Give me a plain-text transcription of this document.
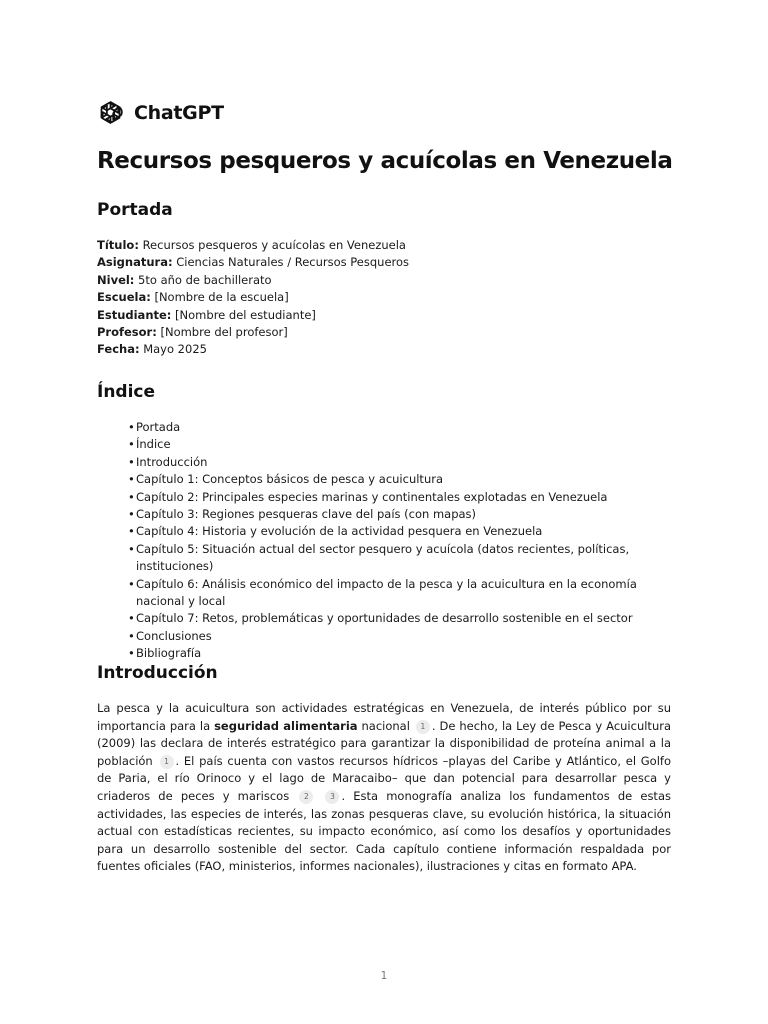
ChatGPT
Recursos pesqueros y acuícolas en Venezuela
Portada
Título: Recursos pesqueros y acuícolas en Venezuela
Asignatura: Ciencias Naturales / Recursos Pesqueros
Nivel: 5to año de bachillerato
Escuela: [Nombre de la escuela]
Estudiante: [Nombre del estudiante]
Profesor: [Nombre del profesor]
Fecha: Mayo 2025
Índice
• Portada
• Índice
• Introducción
• Capítulo 1: Conceptos básicos de pesca y acuicultura
• Capítulo 2: Principales especies marinas y continentales explotadas en Venezuela
• Capítulo 3: Regiones pesqueras clave del país (con mapas)
• Capítulo 4: Historia y evolución de la actividad pesquera en Venezuela
• Capítulo 5: Situación actual del sector pesquero y acuícola (datos recientes, políticas, instituciones)
• Capítulo 6: Análisis económico del impacto de la pesca y la acuicultura en la economía nacional y local
• Capítulo 7: Retos, problemáticas y oportunidades de desarrollo sostenible en el sector
• Conclusiones
• Bibliografía
Introducción

La pesca y la acuicultura son actividades estratégicas en Venezuela, de interés público por su importancia para la seguridad alimentaria nacional 1 . De hecho, la Ley de Pesca y Acuicultura (2009) las declara de interés estratégico para garantizar la disponibilidad de proteína animal a la población 1 . El país cuenta con vastos recursos hídricos –playas del Caribe y Atlántico, el Golfo de Paria, el río Orinoco y el lago de Maracaibo– que dan potencial para desarrollar pesca y criaderos de peces y mariscos 2	3 . Esta monografía analiza los fundamentos de estas actividades, las especies de interés, las zonas pesqueras clave, su evolución histórica, la situación actual con estadísticas recientes, su impacto económico, así como los desafíos y oportunidades para un desarrollo sostenible del sector. Cada capítulo contiene información respaldada por fuentes oficiales (FAO, ministerios, informes nacionales), ilustraciones y citas en formato APA.

1
